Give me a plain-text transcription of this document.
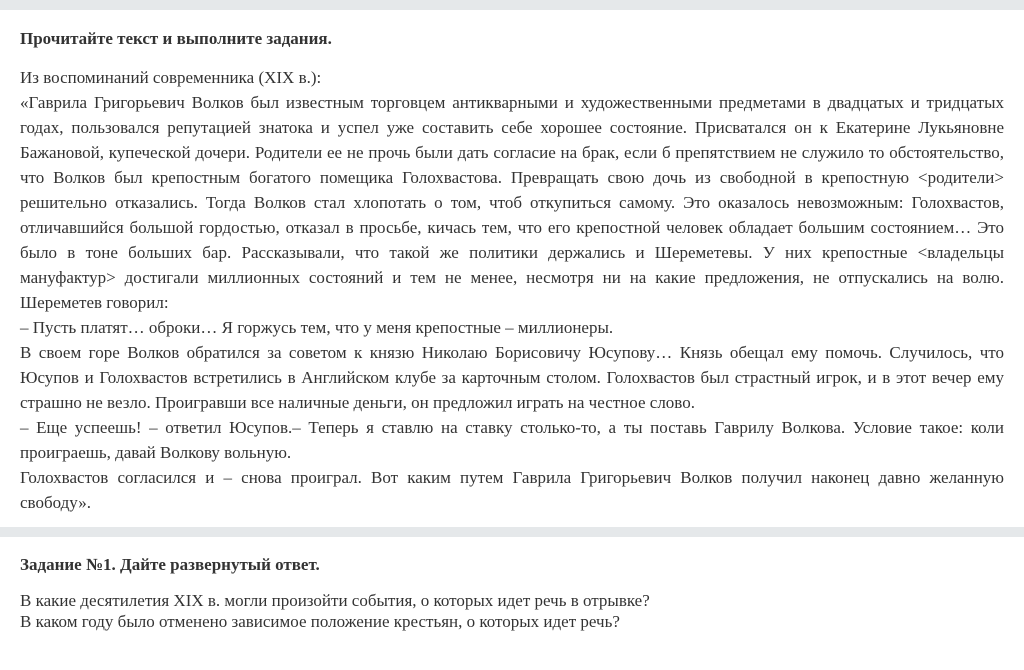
Прочитайте текст и выполните задания.

Из воспоминаний современника (XIX в.):

«Гаврила Григорьевич Волков был известным торговцем антикварными и художественными предметами в двадцатых и тридцатых годах, пользовался репутацией знатока и успел уже составить себе хорошее состояние. Присватался он к Екатерине Лукьяновне Бажановой, купеческой дочери. Родители ее не прочь были дать согласие на брак, если б препятствием не служило то обстоятельство, что Волков был крепостным богатого помещика Голохвастова. Превращать свою дочь из свободной в крепостную <родители> решительно отказались. Тогда Волков стал хлопотать о том, чтоб откупиться самому. Это оказалось невозможным: Голохвастов, отличавшийся большой гордостью, отказал в просьбе, кичась тем, что его крепостной человек обладает большим состоянием… Это было в тоне больших бар. Рассказывали, что такой же политики держались и Шереметевы. У них крепостные <владельцы мануфактур> достигали миллионных состояний и тем не менее, несмотря ни на какие предложения, не отпускались на волю. Шереметев говорил:

– Пусть платят… оброки… Я горжусь тем, что у меня крепостные – миллионеры.

В своем горе Волков обратился за советом к князю Николаю Борисовичу Юсупову… Князь обещал ему помочь. Случилось, что Юсупов и Голохвастов встретились в Английском клубе за карточным столом. Голохвастов был страстный игрок, и в этот вечер ему страшно не везло. Проигравши все наличные деньги, он предложил играть на честное слово.

– Еще успеешь! – ответил Юсупов.– Теперь я ставлю на ставку столько-то, а ты поставь Гаврилу Волкова. Условие такое: коли проиграешь, давай Волкову вольную.

Голохвастов согласился и – снова проиграл. Вот каким путем Гаврила Григорьевич Волков получил наконец давно желанную свободу».

Задание №1. Дайте развернутый ответ.

В какие десятилетия XIX в. могли произойти события, о которых идет речь в отрывке?

В каком году было отменено зависимое положение крестьян, о которых идет речь?
